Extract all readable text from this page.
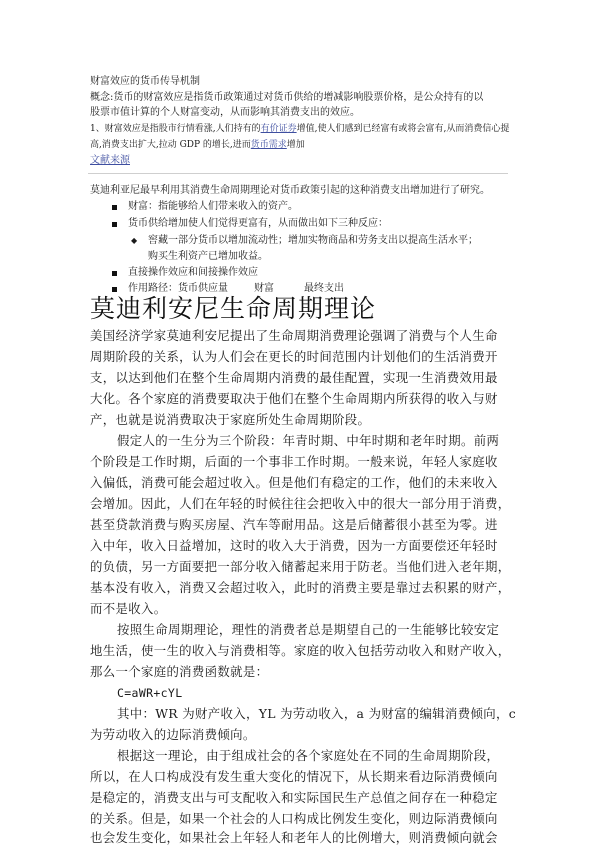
财富效应的货币传导机制
概念:货币的财富效应是指货币政策通过对货币供给的增减影响股票价格，是公众持有的以
股票市值计算的个人财富变动，从而影响其消费支出的效应。
1、财富效应是指股市行情看涨,人们持有的有价证券增值,使人们感到已经富有或将会富有,从而消费信心提
高,消费支出扩大,拉动 GDP 的增长,进而货币需求增加
文献来源
莫迪利亚尼最早利用其消费生命周期理论对货币政策引起的这种消费支出增加进行了研究。
财富：指能够给人们带来收入的资产。
货币供给增加使人们觉得更富有，从而做出如下三种反应：
◆ 窖藏一部分货币以增加流动性；增加实物商品和劳务支出以提高生活水平；
购买生利资产已增加收益。
直接操作效应和间接操作效应
作用路径：货币供应量	财富	最终支出
莫迪利安尼生命周期理论
美国经济学家莫迪利安尼提出了生命周期消费理论强调了消费与个人生命
周期阶段的关系，认为人们会在更长的时间范围内计划他们的生活消费开
支，以达到他们在整个生命周期内消费的最佳配置，实现一生消费效用最
大化。各个家庭的消费要取决于他们在整个生命周期内所获得的收入与财
产，也就是说消费取决于家庭所处生命周期阶段。
假定人的一生分为三个阶段：年青时期、中年时期和老年时期。前两
个阶段是工作时期，后面的一个事非工作时期。一般来说，年轻人家庭收
入偏低，消费可能会超过收入。但是他们有稳定的工作，他们的未来收入
会增加。因此，人们在年轻的时候往往会把收入中的很大一部分用于消费，
甚至贷款消费与购买房屋、汽车等耐用品。这是后储蓄很小甚至为零。进
入中年，收入日益增加，这时的收入大于消费，因为一方面要偿还年轻时
的负债，另一方面要把一部分收入储蓄起来用于防老。当他们进入老年期，
基本没有收入，消费又会超过收入，此时的消费主要是靠过去积累的财产，
而不是收入。
按照生命周期理论，理性的消费者总是期望自己的一生能够比较安定
地生活，使一生的收入与消费相等。家庭的收入包括劳动收入和财产收入，
那么一个家庭的消费函数就是：
C=aWR+cYL
其中：WR 为财产收入，YL 为劳动收入，a 为财富的编辑消费倾向，c
为劳动收入的边际消费倾向。
根据这一理论，由于组成社会的各个家庭处在不同的生命周期阶段，
所以，在人口构成没有发生重大变化的情况下，从长期来看边际消费倾向
是稳定的，消费支出与可支配收入和实际国民生产总值之间存在一种稳定
的关系。但是，如果一个社会的人口构成比例发生变化，则边际消费倾向
也会发生变化，如果社会上年轻人和老年人的比例增大，则消费倾向就会
